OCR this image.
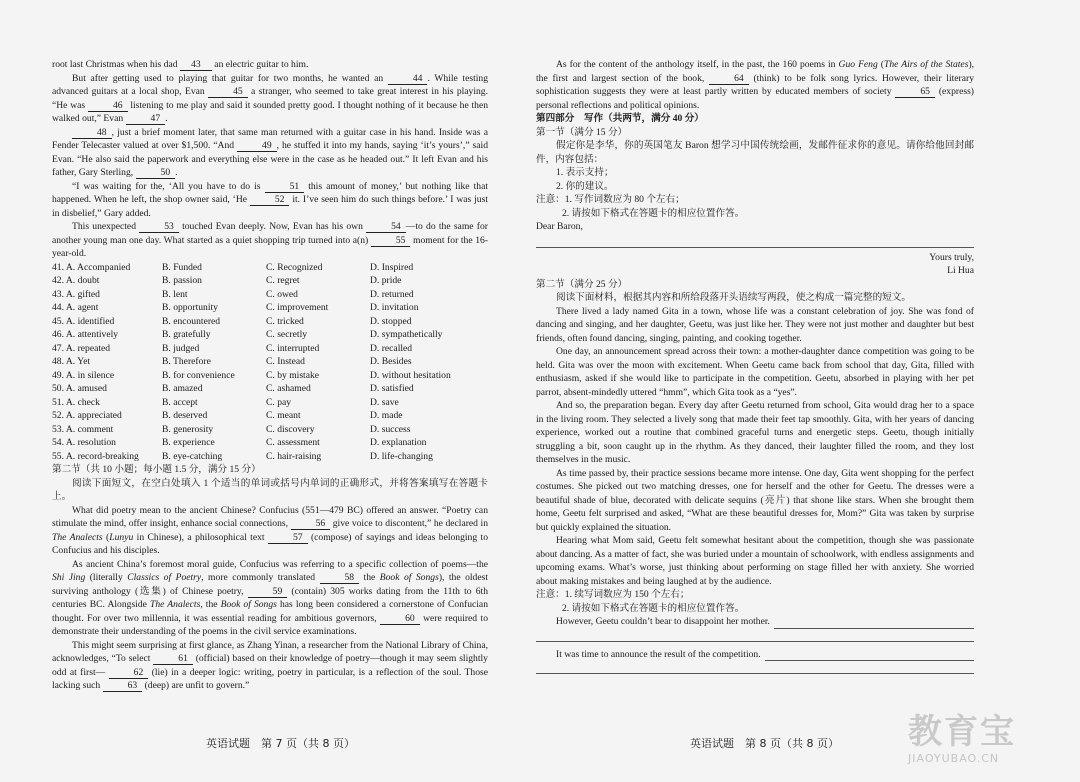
root last Christmas when his dad 43 an electric guitar to him.

But after getting used to playing that guitar for two months, he wanted an	44 . While testing advanced guitars at a local shop, Evan	45 a stranger, who seemed to take great interest in his playing. “He was	46 listening to me play and said it sounded pretty good. I thought nothing of it because he then walked out,” Evan	47 .

48 , just a brief moment later, that same man returned with a guitar case in his hand. Inside was a Fender Telecaster valued at over $1,500. “And	49 , he stuffed it into my hands, saying ‘it’s yours’,” said Evan. “He also said the paperwork and everything else were in the case as he headed out.” It left Evan and his father, Gary Sterling,	50 .

“I was waiting for the, ‘All you have to do is	51 this amount of money,’ but nothing like that happened. When he left, the shop owner said, ‘He	52 it. I’ve seen him do such things before.’ I was just in disbelief,” Gary added.

This unexpected	53 touched Evan deeply. Now, Evan has his own	54 —to do the same for another young man one day. What started as a quiet shopping trip turned into a(n)	55 moment for the 16-year-old.

41. A. Accompanied	B. Funded	C. Recognized	D. Inspired
42. A. doubt	B. passion	C. regret	D. pride
43. A. gifted	B. lent	C. owed	D. returned
44. A. agent	B. opportunity	C. improvement	D. invitation
45. A. identified	B. encountered	C. tricked	D. stopped
46. A. attentively	B. gratefully	C. secretly	D. sympathetically
47. A. repeated	B. judged	C. interrupted	D. recalled
48. A. Yet	B. Therefore	C. Instead	D. Besides
49. A. in silence	B. for convenience	C. by mistake	D. without hesitation
50. A. amused	B. amazed	C. ashamed	D. satisfied
51. A. check	B. accept	C. pay	D. save
52. A. appreciated	B. deserved	C. meant	D. made
53. A. comment	B. generosity	C. discovery	D. success
54. A. resolution	B. experience	C. assessment	D. explanation
55. A. record-breaking	B. eye-catching	C. hair-raising	D. life-changing

第二节（共 10 小题；每小题 1.5 分，满分 15 分）

阅读下面短文，在空白处填入 1 个适当的单词或括号内单词的正确形式，并将答案填写在答题卡上。

What did poetry mean to the ancient Chinese? Confucius (551—479 BC) offered an answer. “Poetry can stimulate the mind, offer insight, enhance social connections,	56 give voice to discontent,” he declared in The Analects (Lunyu in Chinese), a philosophical text	57 (compose) of sayings and ideas belonging to Confucius and his disciples.

As ancient China’s foremost moral guide, Confucius was referring to a specific collection of poems—the Shi Jing (literally Classics of Poetry, more commonly translated	58 the Book of Songs), the oldest surviving anthology (选集) of Chinese poetry,	59 (contain) 305 works dating from the 11th to 6th centuries BC. Alongside The Analects, the Book of Songs has long been considered a cornerstone of Confucian thought. For over two millennia, it was essential reading for ambitious governors,	60 were required to demonstrate their understanding of the poems in the civil service examinations.

This might seem surprising at first glance, as Zhang Yinan, a researcher from the National Library of China, acknowledges, “To select	61 (official) based on their knowledge of poetry—though it may seem slightly odd at first—	62 (lie) in a deeper logic: writing, poetry in particular, is a reflection of the soul. Those lacking such	63 (deep) are unfit to govern.”

As for the content of the anthology itself, in the past, the 160 poems in Guo Feng (The Airs of the States), the first and largest section of the book,	64 (think) to be folk song lyrics. However, their literary sophistication suggests they were at least partly written by educated members of society	65 (express) personal reflections and political opinions.

第四部分　写作（共两节，满分 40 分）

第一节（满分 15 分）

假定你是李华，你的英国笔友 Baron 想学习中国传统绘画，发邮件征求你的意见。请你给他回封邮件，内容包括：

1. 表示支持；

2. 你的建议。

注意：1. 写作词数应为 80 个左右；

2. 请按如下格式在答题卡的相应位置作答。

Dear Baron,

Yours truly,

Li Hua

第二节（满分 25 分）

阅读下面材料，根据其内容和所给段落开头语续写两段，使之构成一篇完整的短文。

There lived a lady named Gita in a town, whose life was a constant celebration of joy. She was fond of dancing and singing, and her daughter, Geetu, was just like her. They were not just mother and daughter but best friends, often found dancing, singing, painting, and cooking together.

One day, an announcement spread across their town: a mother-daughter dance competition was going to be held. Gita was over the moon with excitement. When Geetu came back from school that day, Gita, filled with enthusiasm, asked if she would like to participate in the competition. Geetu, absorbed in playing with her pet parrot, absent-mindedly uttered “hmm”, which Gita took as a “yes”.

And so, the preparation began. Every day after Geetu returned from school, Gita would drag her to a space in the living room. They selected a lively song that made their feet tap smoothly. Gita, with her years of dancing experience, worked out a routine that combined graceful turns and energetic steps. Geetu, though initially struggling a bit, soon caught up in the rhythm. As they danced, their laughter filled the room, and they lost themselves in the music.

As time passed by, their practice sessions became more intense. One day, Gita went shopping for the perfect costumes. She picked out two matching dresses, one for herself and the other for Geetu. The dresses were a beautiful shade of blue, decorated with delicate sequins (亮片) that shone like stars. When she brought them home, Geetu felt surprised and asked, “What are these beautiful dresses for, Mom?” Gita was taken by surprise but quickly explained the situation.

Hearing what Mom said, Geetu felt somewhat hesitant about the competition, though she was passionate about dancing. As a matter of fact, she was buried under a mountain of schoolwork, with endless assignments and upcoming exams. What’s worse, just thinking about performing on stage filled her with anxiety. She worried about making mistakes and being laughed at by the audience.

注意：1. 续写词数应为 150 个左右；

2. 请按如下格式在答题卡的相应位置作答。

However, Geetu couldn’t bear to disappoint her mother.
It was time to announce the result of the competition.
英语试题　第 7 页（共 8 页）	英语试题　第 8 页（共 8 页） 教育宝
JIAOYUBAO.CN
